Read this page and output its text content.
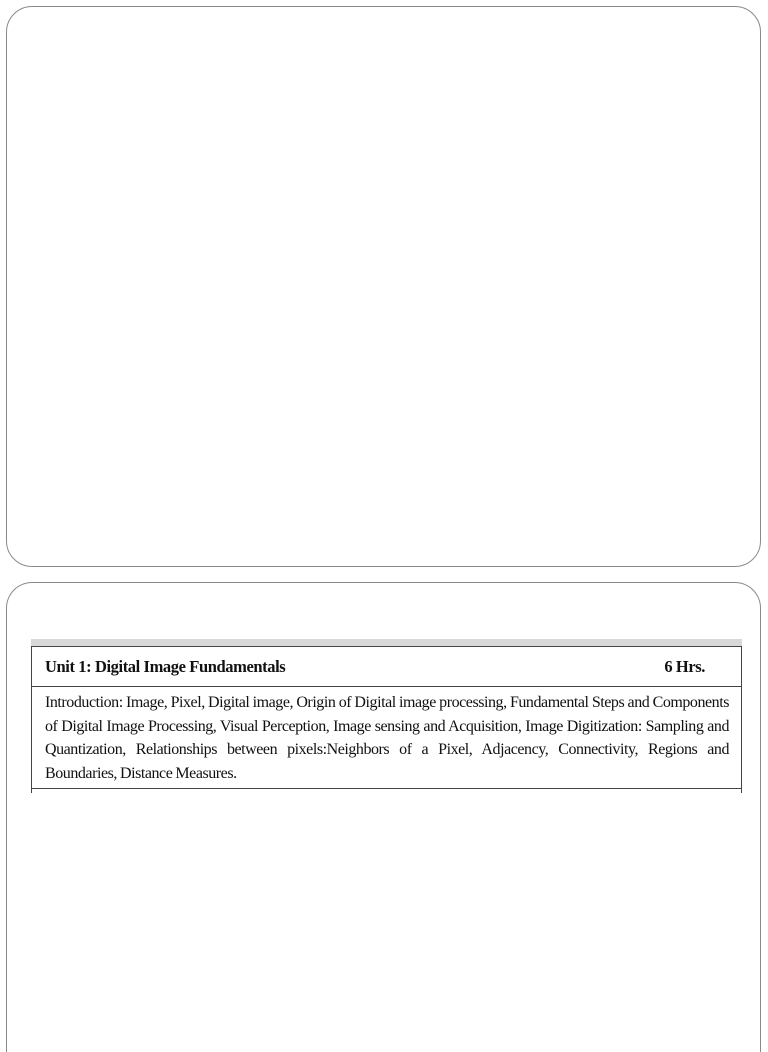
Unit 1: Digital Image Fundamentals	6 Hrs.
Introduction: Image, Pixel, Digital image, Origin of Digital image processing, Fundamental Steps and Components of Digital Image Processing, Visual Perception, Image sensing and Acquisition, Image Digitization: Sampling and Quantization, Relationships between pixels:Neighbors of a Pixel, Adjacency, Connectivity, Regions and Boundaries, Distance Measures.
